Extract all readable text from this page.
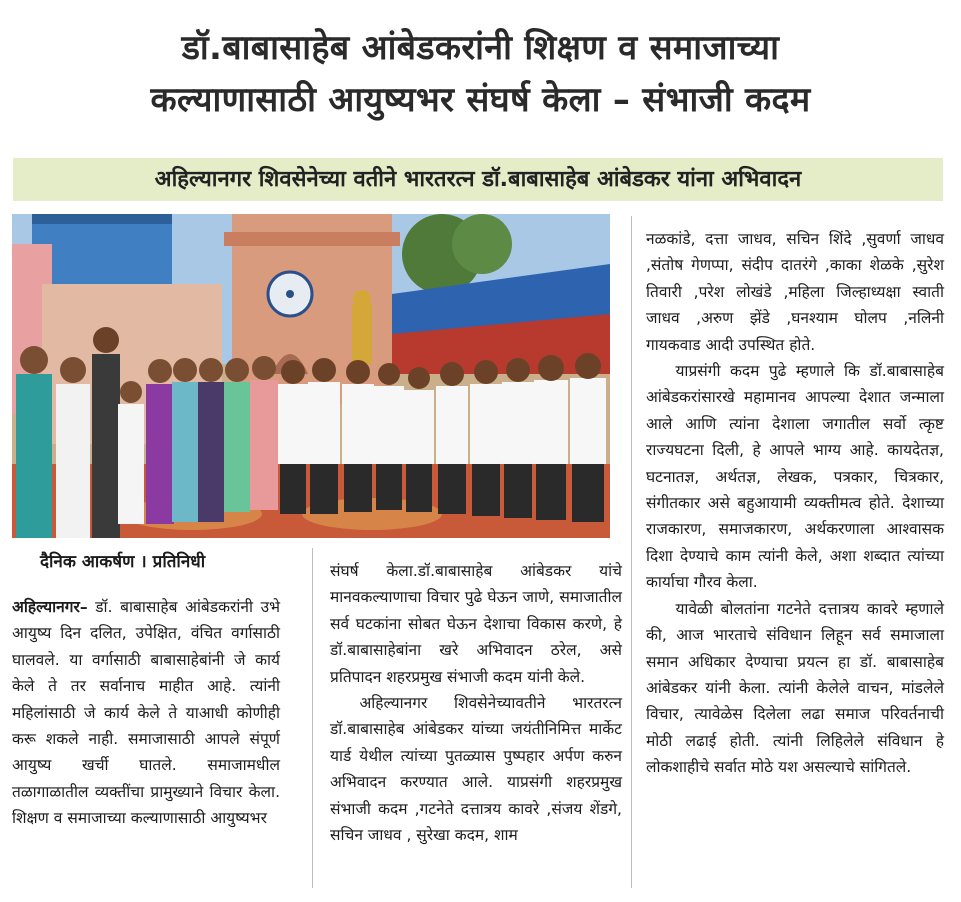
डॉ.बाबासाहेब आंबेडकरांनी शिक्षण व समाजाच्या
कल्याणासाठी आयुष्यभर संघर्ष केला – संभाजी कदम
अहिल्यानगर शिवसेनेच्या वतीने भारतरत्न डॉ.बाबासाहेब आंबेडकर यांना अभिवादन
दैनिक आकर्षण । प्रतिनिधी

अहिल्यानगर– डॉ. बाबासाहेब आंबेडकरांनी उभे आयुष्य दिन दलित, उपेक्षित, वंचित वर्गासाठी घालवले. या वर्गासाठी बाबासाहेबांनी जे कार्य केले ते तर सर्वानाच माहीत आहे. त्यांनी महिलांसाठी जे कार्य केले ते याआधी कोणीही करू शकले नाही. समाजासाठी आपले संपूर्ण आयुष्य खर्ची घातले. समाजामधील तळागाळातील व्यक्तींचा प्रामुख्याने विचार केला. शिक्षण व समाजाच्या कल्याणासाठी आयुष्यभर

संघर्ष केला.डॉ.बाबासाहेब आंबेडकर यांचे मानवकल्याणाचा विचार पुढे घेऊन जाणे, समाजातील सर्व घटकांना सोबत घेऊन देशाचा विकास करणे, हे डॉ.बाबासाहेबांना खरे अभिवादन ठरेल, असे प्रतिपादन शहरप्रमुख संभाजी कदम यांनी केले.

अहिल्यानगर शिवसेनेच्यावतीने भारतरत्न डॉ.बाबासाहेब आंबेडकर यांच्या जयंतीनिमित्त मार्केट यार्ड येथील त्यांच्या पुतळ्यास पुष्पहार अर्पण करुन अभिवादन करण्यात आले. याप्रसंगी शहरप्रमुख संभाजी कदम ,गटनेते दत्तात्रय कावरे ,संजय शेंडगे, सचिन जाधव , सुरेखा कदम, शाम

नळकांडे, दत्ता जाधव, सचिन शिंदे ,सुवर्णा जाधव ,संतोष गेणप्पा, संदीप दातरंगे ,काका शेळके ,सुरेश तिवारी ,परेश लोखंडे ,महिला जिल्हाध्यक्षा स्वाती जाधव ,अरुण झेंडे ,घनश्याम घोलप ,नलिनी गायकवाड आदी उपस्थित होते.

याप्रसंगी कदम पुढे म्हणाले कि डॉ.बाबासाहेब आंबेडकरांसारखे महामानव आपल्या देशात जन्माला आले आणि त्यांना देशाला जगातील सर्वो त्कृष्ट राज्यघटना दिली, हे आपले भाग्य आहे. कायदेतज्ञ, घटनातज्ञ, अर्थतज्ञ, लेखक, पत्रकार, चित्रकार, संगीतकार असे बहुआयामी व्यक्तीमत्व होते. देशाच्या राजकारण, समाजकारण, अर्थकरणाला आश्वासक दिशा देण्याचे काम त्यांनी केले, अशा शब्दात त्यांच्या कार्याचा गौरव केला.

यावेळी बोलतांना गटनेते दत्तात्रय कावरे म्हणाले की, आज भारताचे संविधान लिहून सर्व समाजाला समान अधिकार देण्याचा प्रयत्न हा डॉ. बाबासाहेब आंबेडकर यांनी केला. त्यांनी केलेले वाचन, मांडलेले विचार, त्यावेळेस दिलेला लढा समाज परिवर्तनाची मोठी लढाई होती. त्यांनी लिहिलेले संविधान हे लोकशाहीचे सर्वात मोठे यश असल्याचे सांगितले.
